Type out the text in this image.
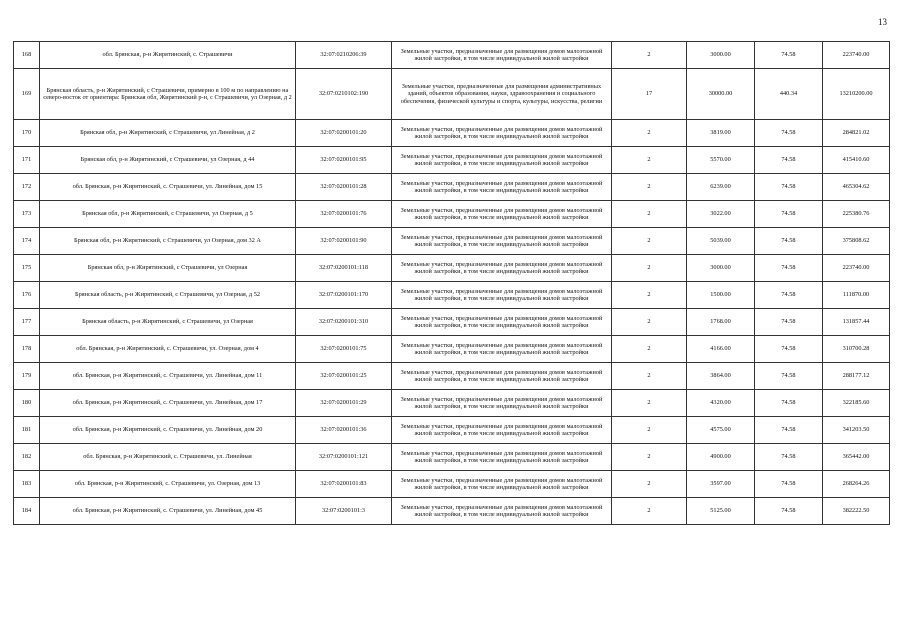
13
168	обл. Брянская, р-н Жирятинский, с. Страшевичи	32:07:0210206:39	Земельные участки, предназначенные для размещения домов малоэтажной жилой застройки, в том числе индивидуальной жилой застройки	2	3000.00	74.58	223740.00
169	Брянская область, р-н Жирятинский, с Страшевичи, примерно в 100 м по направлению на северо-восток от ориентира: Брянская обл, Жирятинский р-н, с Страшевичи, ул Озерная, д 2	32:07:0210102:190	Земельные участки, предназначенные для размещения административных зданий, объектов образования, науки, здравоохранения и социального обеспечения, физической культуры и спорта, культуры, искусства, религии	17	30000.00	440.34	13210200.00
170	Брянская обл, р-н Жирятинский, с Страшевичи, ул Линейная, д 2	32:07:0200101:20	Земельные участки, предназначенные для размещения домов малоэтажной жилой застройки, в том числе индивидуальной жилой застройки	2	3819.00	74.58	284821.02
171	Брянская обл, р-н Жирятинский, с Страшевичи, ул Озерная, д 44	32:07:0200101:95	Земельные участки, предназначенные для размещения домов малоэтажной жилой застройки, в том числе индивидуальной жилой застройки	2	5570.00	74.58	415410.60
172	обл. Брянская, р-н Жирятинский, с. Страшевичи, ул. Линейная, дом 15	32:07:0200101:28	Земельные участки, предназначенные для размещения домов малоэтажной жилой застройки, в том числе индивидуальной жилой застройки	2	6239.00	74.58	465304.62
173	Брянская обл, р-н Жирятинский, с Страшевичи, ул Озерная, д 5	32:07:0200101:76	Земельные участки, предназначенные для размещения домов малоэтажной жилой застройки, в том числе индивидуальной жилой застройки	2	3022.00	74.58	225380.76
174	Брянская обл, р-н Жирятинский, с Страшевичи, ул Озерная, дом 32 А	32:07:0200101:90	Земельные участки, предназначенные для размещения домов малоэтажной жилой застройки, в том числе индивидуальной жилой застройки	2	5039.00	74.58	375808.62
175	Брянская обл, р-н Жирятинский, с Страшевичи, ул Озерная	32:07:0200101:118	Земельные участки, предназначенные для размещения домов малоэтажной жилой застройки, в том числе индивидуальной жилой застройки	2	3000.00	74.58	223740.00
176	Брянская область, р-н Жирятинский, с Страшевичи, ул Озерная, д 52	32:07:0200101:170	Земельные участки, предназначенные для размещения домов малоэтажной жилой застройки, в том числе индивидуальной жилой застройки	2	1500.00	74.58	111870.00
177	Брянская область, р-н Жирятинский, с Страшевичи, ул Озерная	32:07:0200101:310	Земельные участки, предназначенные для размещения домов малоэтажной жилой застройки, в том числе индивидуальной жилой застройки	2	1768.00	74.58	131857.44
178	обл. Брянская, р-н Жирятинский, с. Страшевичи, ул. Озерная, дом 4	32:07:0200101:75	Земельные участки, предназначенные для размещения домов малоэтажной жилой застройки, в том числе индивидуальной жилой застройки	2	4166.00	74.58	310700.28
179	обл. Брянская, р-н Жирятинский, с. Страшевичи, ул. Линейная, дом 11	32:07:0200101:25	Земельные участки, предназначенные для размещения домов малоэтажной жилой застройки, в том числе индивидуальной жилой застройки	2	3864.00	74.58	288177.12
180	обл. Брянская, р-н Жирятинский, с. Страшевичи, ул. Линейная, дом 17	32:07:0200101:29	Земельные участки, предназначенные для размещения домов малоэтажной жилой застройки, в том числе индивидуальной жилой застройки	2	4320.00	74.58	322185.60
181	обл. Брянская, р-н Жирятинский, с. Страшевичи, ул. Линейная, дом 20	32:07:0200101:36	Земельные участки, предназначенные для размещения домов малоэтажной жилой застройки, в том числе индивидуальной жилой застройки	2	4575.00	74.58	341203.50
182	обл. Брянская, р-н Жирятинский, с. Страшевичи, ул. Линейная	32:07:0200101:121	Земельные участки, предназначенные для размещения домов малоэтажной жилой застройки, в том числе индивидуальной жилой застройки	2	4900.00	74.58	365442.00
183	обл. Брянская, р-н Жирятинский, с. Страшевичи, ул. Озерная, дом 13	32:07:0200101:83	Земельные участки, предназначенные для размещения домов малоэтажной жилой застройки, в том числе индивидуальной жилой застройки	2	3597.00	74.58	268264.26
184	обл. Брянская, р-н Жирятинский, с. Страшевичи, ул. Линейная, дом 45	32:07:0200101:3	Земельные участки, предназначенные для размещения домов малоэтажной жилой застройки, в том числе индивидуальной жилой застройки	2	5125.00	74.58	382222.50
